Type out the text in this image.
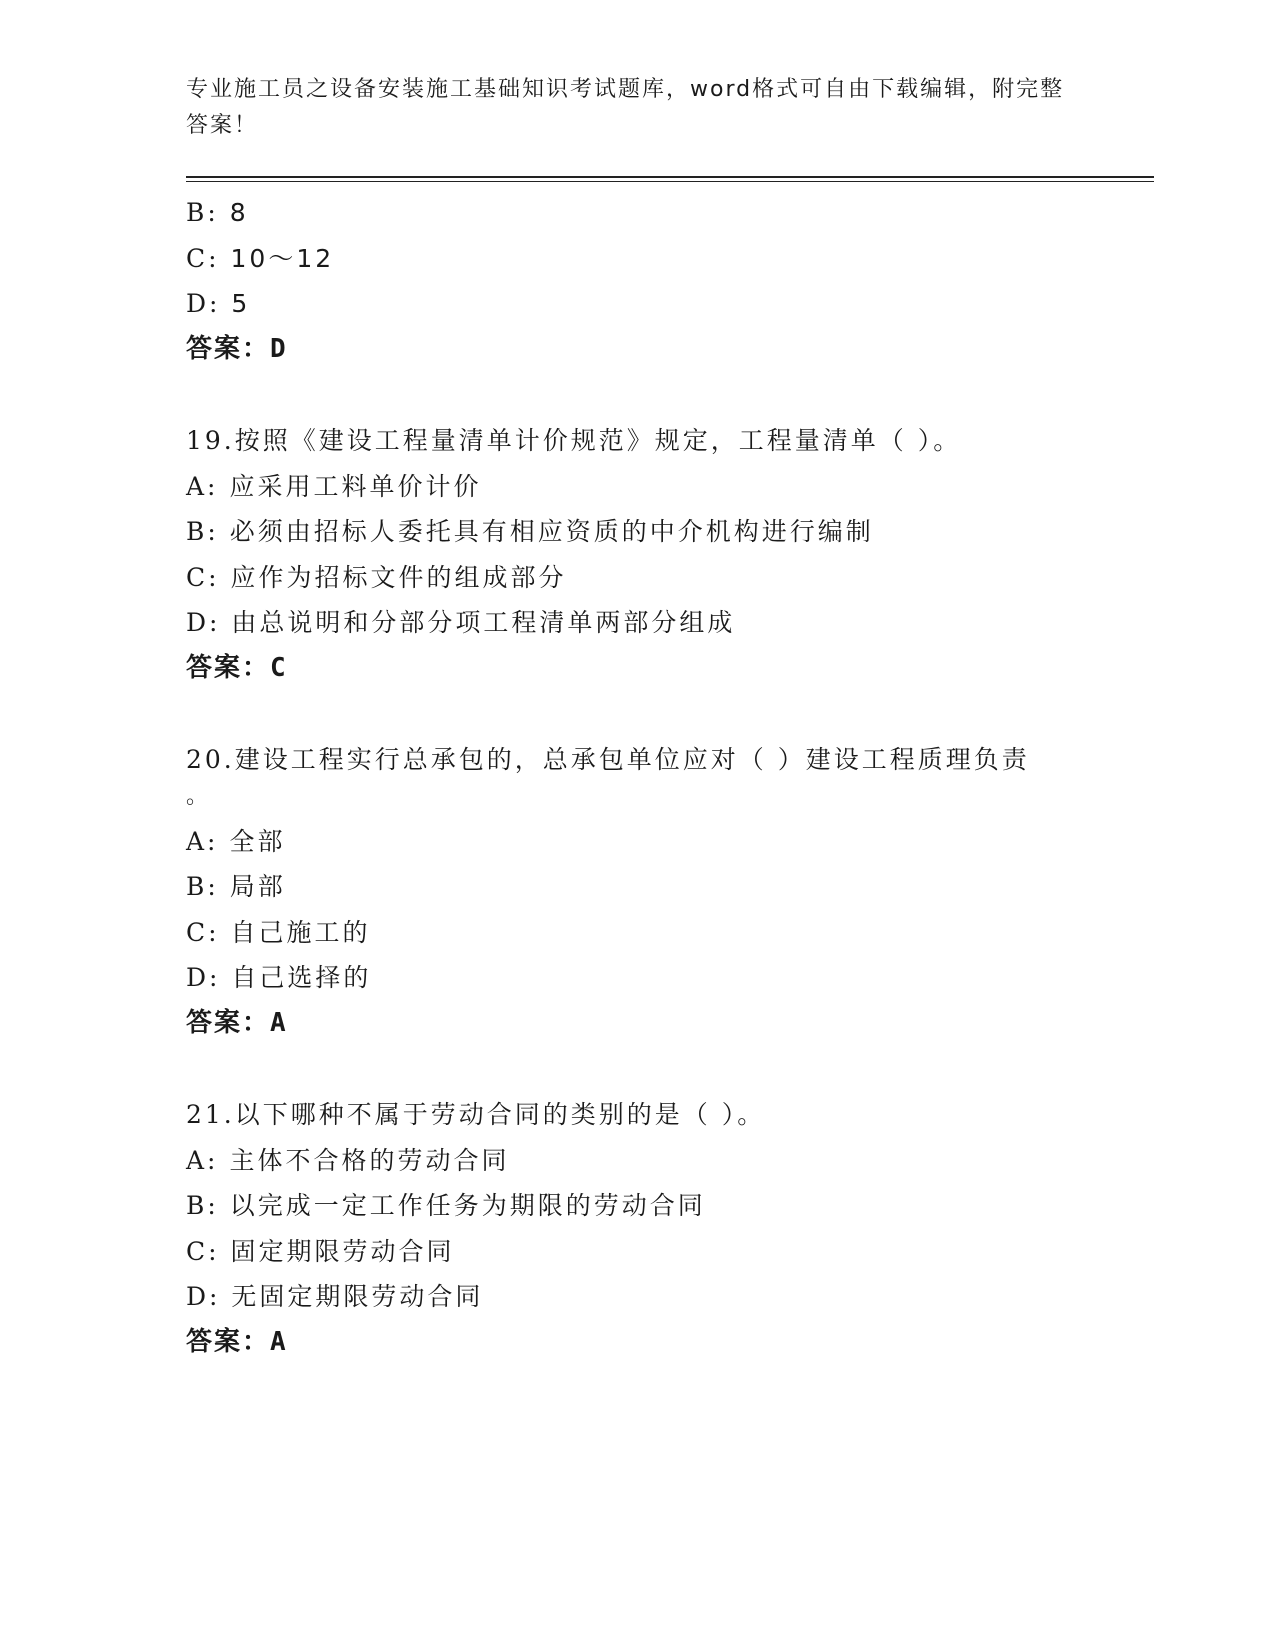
专业施工员之设备安装施工基础知识考试题库，word格式可自由下载编辑，附完整答案！
B: 8
C: 10～12
D: 5
答案：D
19.按照《建设工程量清单计价规范》规定，工程量清单（ ）。
A: 应采用工料单价计价
B: 必须由招标人委托具有相应资质的中介机构进行编制
C: 应作为招标文件的组成部分
D: 由总说明和分部分项工程清单两部分组成
答案：C
20.建设工程实行总承包的，总承包单位应对（ ）建设工程质理负责
。
A: 全部
B: 局部
C: 自己施工的
D: 自己选择的
答案：A
21.以下哪种不属于劳动合同的类别的是（ ）。
A: 主体不合格的劳动合同
B: 以完成一定工作任务为期限的劳动合同
C: 固定期限劳动合同
D: 无固定期限劳动合同
答案：A
